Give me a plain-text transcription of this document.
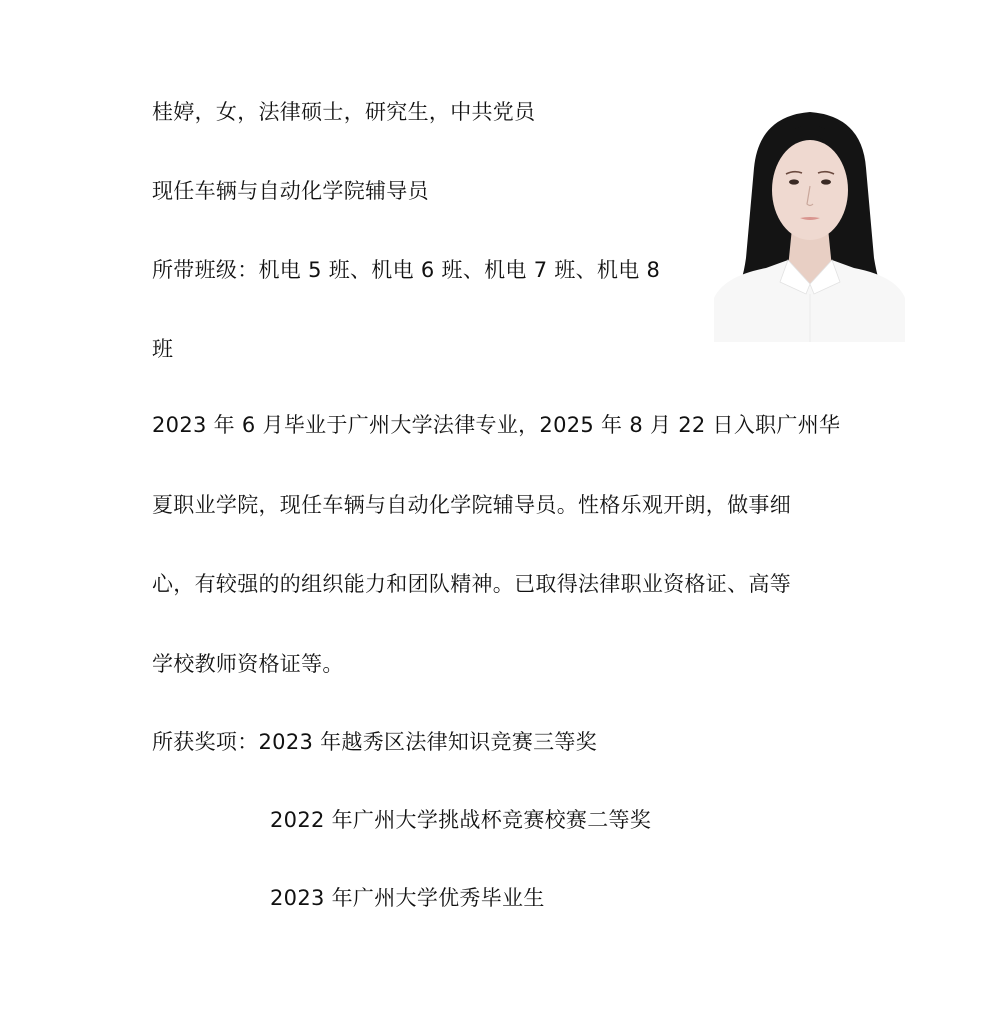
桂婷，女，法律硕士，研究生，中共党员
现任车辆与自动化学院辅导员
所带班级：机电 5 班、机电 6 班、机电 7 班、机电 8
班
2023 年 6 月毕业于广州大学法律专业，2025 年 8 月 22 日入职广州华
夏职业学院，现任车辆与自动化学院辅导员。性格乐观开朗，做事细
心，有较强的的组织能力和团队精神。已取得法律职业资格证、高等
学校教师资格证等。
所获奖项：2023 年越秀区法律知识竞赛三等奖
2022 年广州大学挑战杯竞赛校赛二等奖
2023 年广州大学优秀毕业生
